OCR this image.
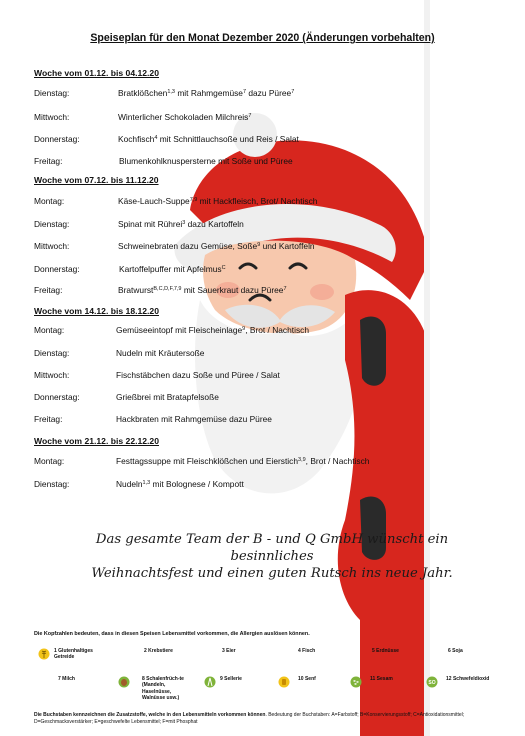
Speiseplan für den Monat Dezember 2020 (Änderungen vorbehalten)
Woche vom 01.12. bis 04.12.20
Dienstag:	Bratklößchen$^{1,3}$ mit Rahmgemüse$^7$ dazu Püree$^7$
Mittwoch:	Winterlicher Schokoladen Milchreis$^7$
Donnerstag:	Kochfisch$^4$ mit Schnittlauchsoße und Reis / Salat
Freitag:	Blumenkohlknuspersterne mit Soße und Püree
Woche vom 07.12. bis 11.12.20
Montag:	Käse-Lauch-Suppe$^{7,9}$ mit Hackfleisch, Brot/ Nachtisch
Dienstag:	Spinat mit Rührei$^3$ dazu Kartoffeln
Mittwoch:	Schweinebraten dazu Gemüse, Soße$^9$ und Kartoffeln
Donnerstag:	Kartoffelpuffer mit Apfelmus$^C$
Freitag:	Bratwurst$^{B,C,D,F,7,9}$ mit Sauerkraut dazu Püree$^7$
Woche vom 14.12. bis 18.12.20
Montag:	Gemüseeintopf mit Fleischeinlage$^9$, Brot / Nachtisch
Dienstag:	Nudeln mit Kräutersoße
Mittwoch:	Fischstäbchen dazu Soße und Püree / Salat
Donnerstag:	Grießbrei mit Bratapfelsoße
Freitag:	Hackbraten mit Rahmgemüse dazu Püree
Woche vom 21.12. bis 22.12.20
Montag:	Festtagssuppe mit Fleischklößchen und Eierstich$^{3,9}$, Brot / Nachtisch
Dienstag:	Nudeln$^{1,3}$ mit Bolognese / Kompott
Das gesamte Team der B - und Q GmbH wünscht ein besinnliches
Weihnachtsfest und einen guten Rutsch ins neue Jahr.
Die Kopfzahlen bedeuten, dass in diesen Speisen Lebensmittel vorkommen, die Allergien auslösen können.
1 Glutenhaltiges Getreide
2 Krebstiere	3 Eier	4 Fisch	5 Erdnüsse	6 Soja
7 Milch	8 Schalenfrüch-te (Mandeln, Haselnüsse, Walnüsse usw.)
9 Sellerie	10 Senf	11 Sesam
SO
12 Schwefeldioxid
Die Buchstaben kennzeichnen die Zusatzstoffe, welche in den Lebensmitteln vorkommen können. Bedeutung der Buchstaben: A=Farbstoff; B=Konservierungsstoff; C=Antioxidationsmittel; D=Geschmacksverstärker; E=geschwefelte Lebensmittel; F=mit Phosphat
